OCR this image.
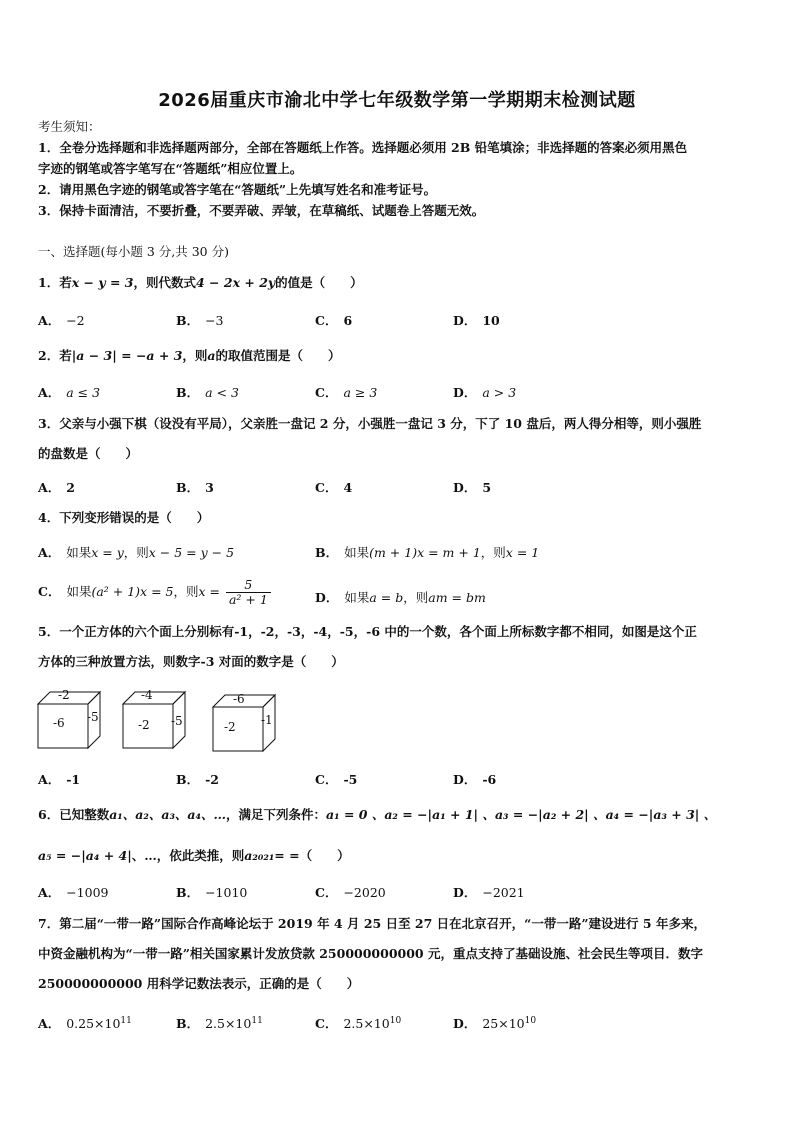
2026届重庆市渝北中学七年级数学第一学期期末检测试题
考生须知：
1．全卷分选择题和非选择题两部分，全部在答题纸上作答。选择题必须用 2B 铅笔填涂；非选择题的答案必须用黑色
字迹的钢笔或答字笔写在“答题纸”相应位置上。
2．请用黑色字迹的钢笔或答字笔在“答题纸”上先填写姓名和准考证号。
3．保持卡面清洁，不要折叠，不要弄破、弄皱，在草稿纸、试题卷上答题无效。
一、选择题(每小题 3 分,共 30 分)
1．若x − y = 3，则代数式4 − 2x + 2y的值是（　　）
A． −2	B． −3	C． 6	D． 10
2．若|a − 3| = −a + 3，则a的取值范围是（　　）
A． a ≤ 3	B． a < 3	C． a ≥ 3	D． a > 3
3．父亲与小强下棋（设没有平局），父亲胜一盘记 2 分，小强胜一盘记 3 分，下了 10 盘后，两人得分相等，则小强胜
的盘数是（　　）
A． 2	B． 3	C． 4	D． 5
4．下列变形错误的是（　　）
A． 如果x = y，则x − 5 = y − 5	B． 如果(m + 1)x = m + 1，则x = 1
C． 如果(a² + 1)x = 5，则$x = \frac{5}{\text{a² + 1}}$	D． 如果a = b，则am = bm
5．一个正方体的六个面上分别标有-1，-2，-3，-4，-5，-6 中的一个数，各个面上所标数字都不相同，如图是这个正
方体的三种放置方法，则数字-3 对面的数字是（　　）
-2
-6 -5
-4
-2 -5
-6
-2 -1
A． -1	B． -2	C． -5	D． -6
6．已知整数a₁、a₂、a₃、a₄、…，满足下列条件：a₁ = 0 、a₂ = −|a₁ + 1| 、a₃ = −|a₂ + 2| 、a₄ = −|a₃ + 3| 、
a₅ = −|a₄ + 4|、…，依此类推，则a₂₀₂₁= =（　　）
A． −1009	B． −1010	C． −2020	D． −2021
7．第二届“一带一路”国际合作高峰论坛于 2019 年 4 月 25 日至 27 日在北京召开，“一带一路”建设进行 5 年多来，
中资金融机构为“一带一路”相关国家累计发放贷款 250000000000 元，重点支持了基础设施、社会民生等项目．数字
250000000000 用科学记数法表示，正确的是（　　）
A． $0.25\times 10^{11}$	B． $2.5\times 10^{11}$	C． $2.5\times 10^{10}$	D． $25\times 10^{10}$
